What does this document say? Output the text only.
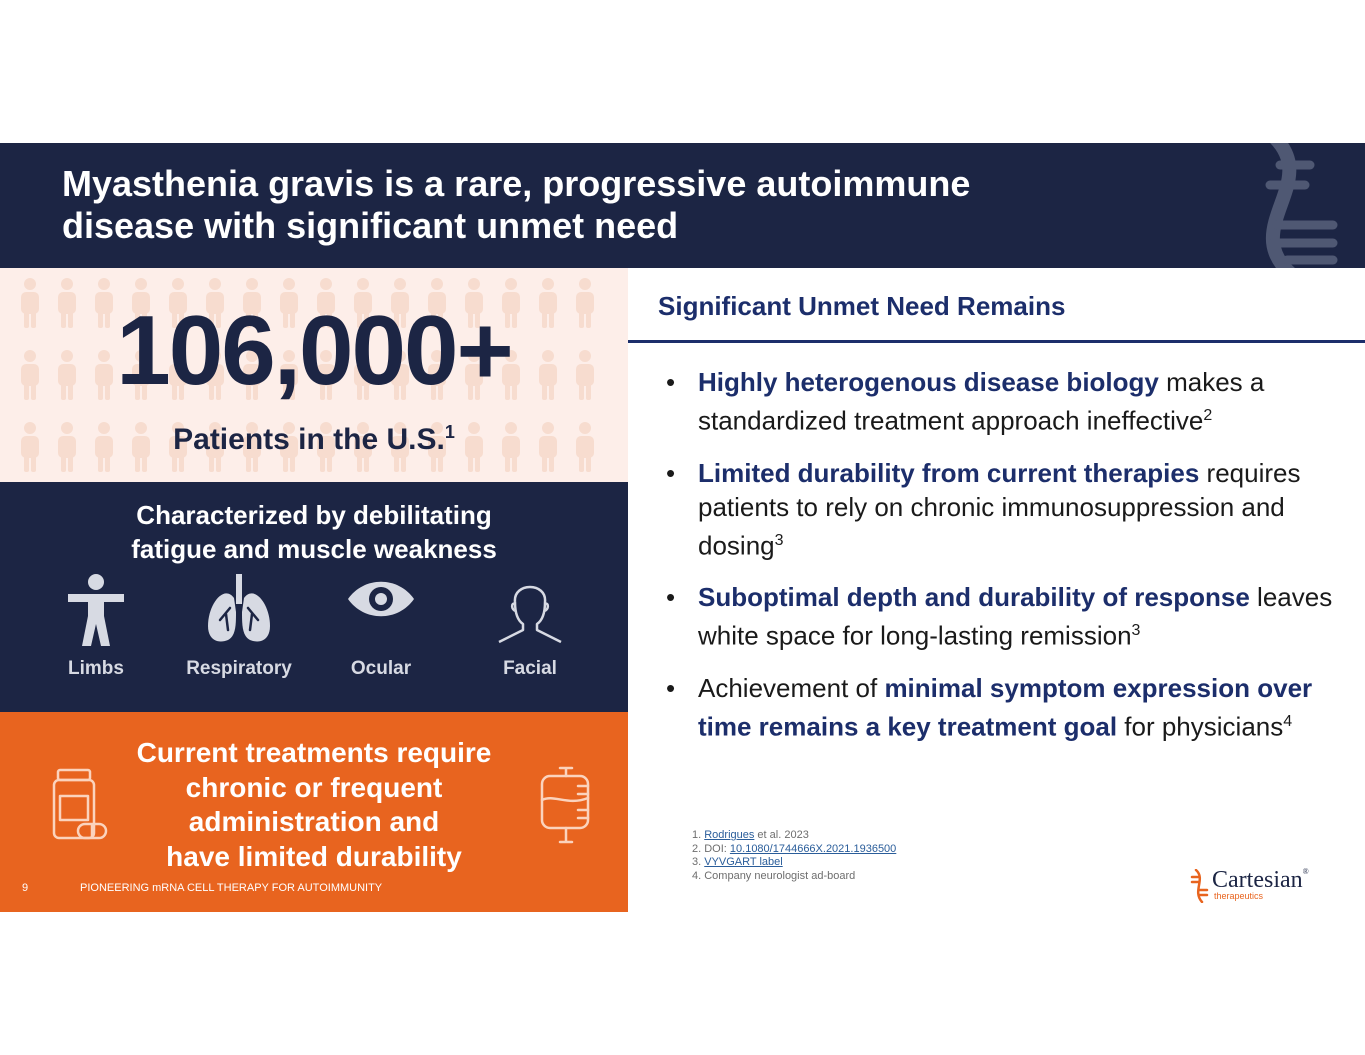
Myasthenia gravis is a rare, progressive autoimmune
disease with significant unmet need
106,000+
Patients in the U.S.$^1$
Characterized by debilitating
fatigue and muscle weakness
Limbs	Respiratory	Ocular	Facial
Current treatments require
chronic or frequent
administration and
have limited durability
9	PIONEERING mRNA CELL THERAPY FOR AUTOIMMUNITY
Significant Unmet Need Remains
• Highly heterogenous disease biology makes a standardized treatment approach ineffective$^2$
• Limited durability from current therapies requires patients to rely on chronic immunosuppression and dosing$^3$
• Suboptimal depth and durability of response leaves white space for long-lasting remission$^3$
• Achievement of minimal symptom expression over time remains a key treatment goal for physicians$^4$
1. Rodrigues et al. 2023
2. DOI: 10.1080/1744666X.2021.1936500
3. VYVGART label
4. Company neurologist ad-board	Cartesian®
therapeutics
